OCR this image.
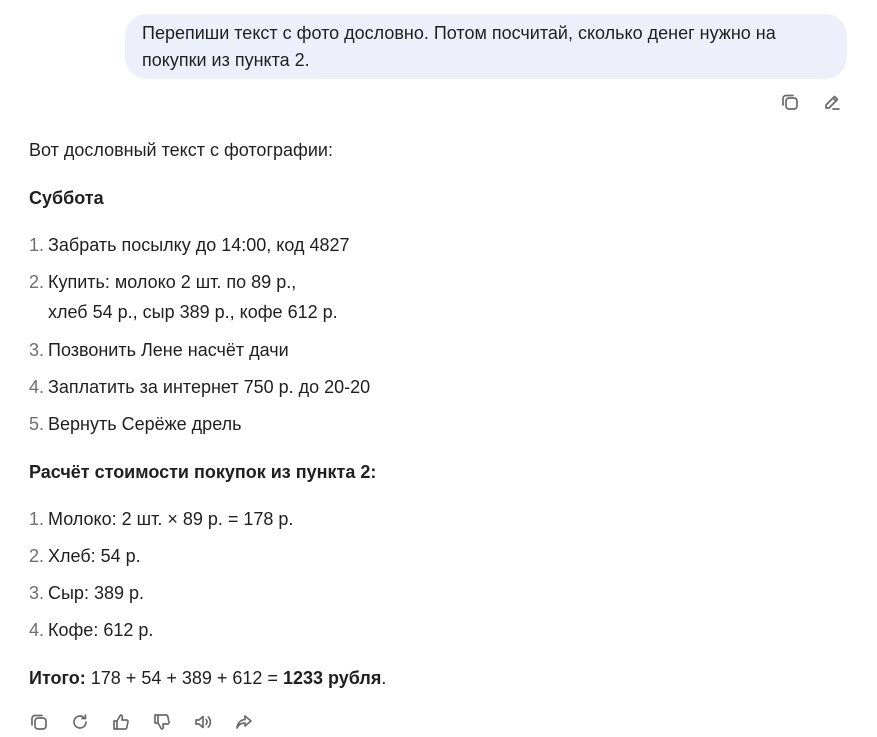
Перепиши текст с фото дословно. Потом посчитай, сколько денег нужно на
покупки из пункта 2.
Вот дословный текст с фотографии:
Суббота
1. Забрать посылку до 14:00, код 4827
2. Купить: молоко 2 шт. по 89 р.,
хлеб 54 р., сыр 389 р., кофе 612 р.
3. Позвонить Лене насчёт дачи
4. Заплатить за интернет 750 р. до 20-20
5. Вернуть Серёже дрель
Расчёт стоимости покупок из пункта 2:
1. Молоко: 2 шт. × 89 р. = 178 р.
2. Хлеб: 54 р.
3. Сыр: 389 р.
4. Кофе: 612 р.
Итого: 178 + 54 + 389 + 612 = 1233 рубля.
